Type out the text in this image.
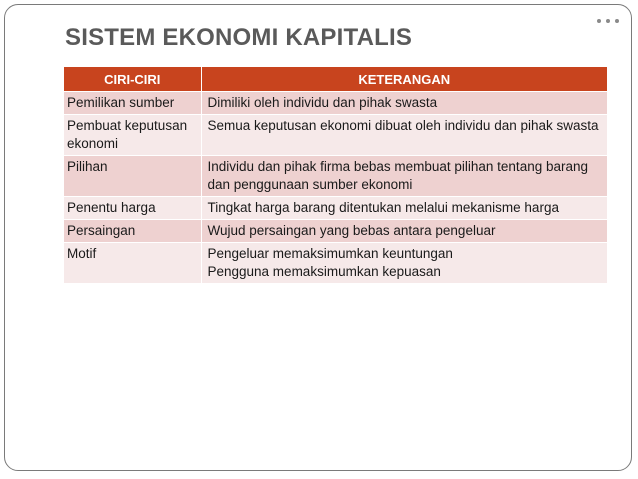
SISTEM EKONOMI KAPITALIS
CIRI-CIRI	KETERANGAN
Pemilikan sumber	Dimiliki oleh individu dan pihak swasta

Pembuat keputusan ekonomi	Semua keputusan ekonomi dibuat oleh individu dan pihak swasta

Pilihan	Individu dan pihak firma bebas membuat pilihan tentang barang dan penggunaan sumber ekonomi

Penentu harga	Tingkat harga barang ditentukan melalui mekanisme harga

Persaingan	Wujud persaingan yang bebas antara pengeluar

Motif	Pengeluar memaksimumkan keuntungan
Pengguna memaksimumkan kepuasan
